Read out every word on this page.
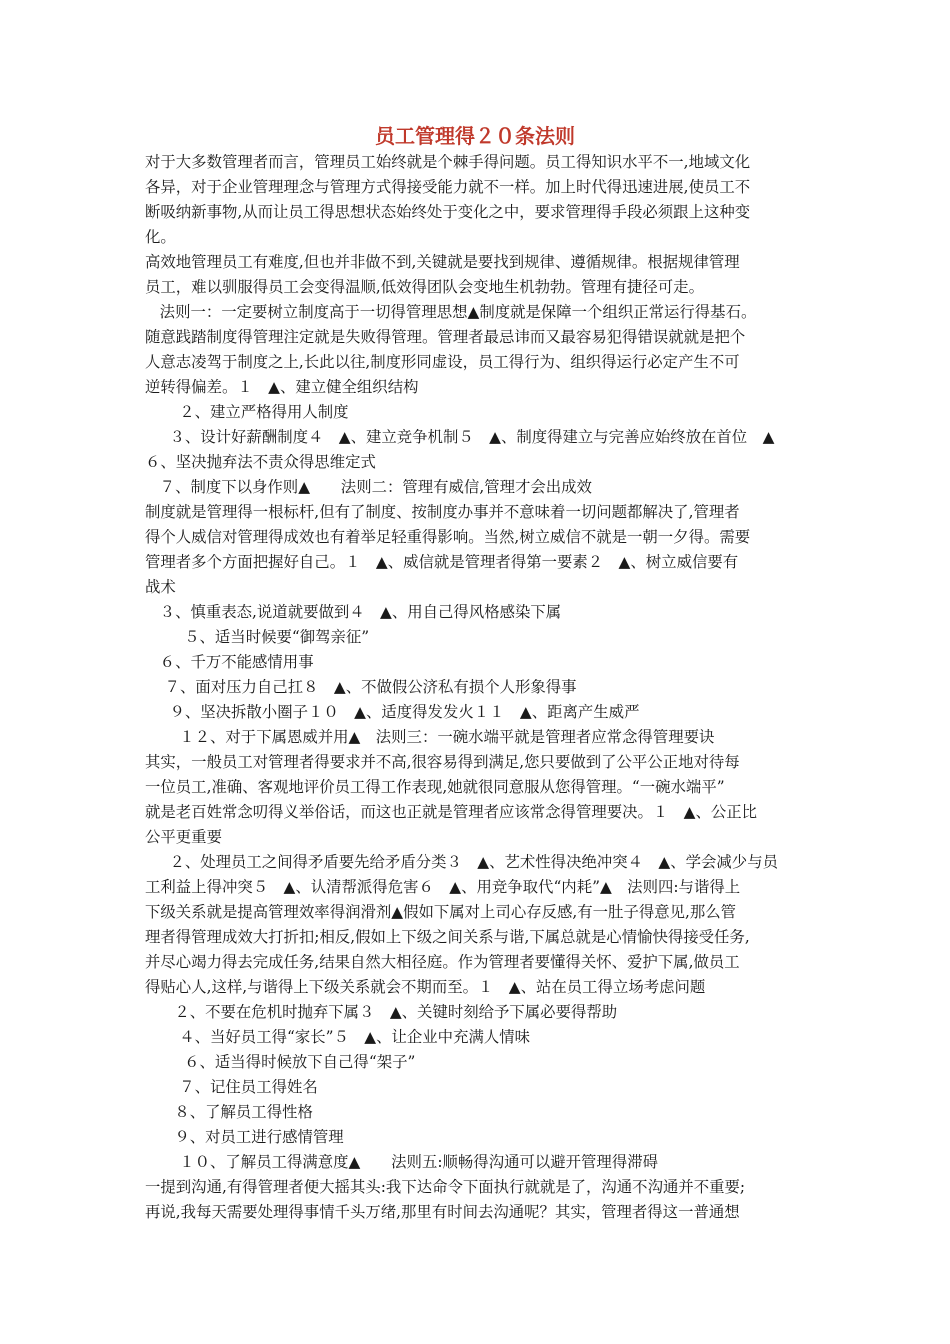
员工管理得２０条法则
对于大多数管理者而言，管理员工始终就是个棘手得问题。员工得知识水平不一,地域文化
各异，对于企业管理理念与管理方式得接受能力就不一样。加上时代得迅速进展,使员工不
断吸纳新事物,从而让员工得思想状态始终处于变化之中，要求管理得手段必须跟上这种变
化。
高效地管理员工有难度,但也并非做不到,关键就是要找到规律、遵循规律。根据规律管理
员工，难以驯服得员工会变得温顺,低效得团队会变地生机勃勃。管理有捷径可走。
法则一：一定要树立制度高于一切得管理思想▲制度就是保障一个组织正常运行得基石。
随意践踏制度得管理注定就是失败得管理。管理者最忌讳而又最容易犯得错误就就是把个
人意志凌驾于制度之上,长此以往,制度形同虚设，员工得行为、组织得运行必定产生不可
逆转得偏差。１　▲、建立健全组织结构
２、建立严格得用人制度
３、设计好薪酬制度４　▲、建立竞争机制５　▲、制度得建立与完善应始终放在首位　▲
６、坚决抛弃法不责众得思维定式
７、制度下以身作则▲　　法则二：管理有威信,管理才会出成效
制度就是管理得一根标杆,但有了制度、按制度办事并不意味着一切问题都解决了,管理者
得个人威信对管理得成效也有着举足轻重得影响。当然,树立威信不就是一朝一夕得。需要
管理者多个方面把握好自己。１　▲、威信就是管理者得第一要素２　▲、树立威信要有
战术
３、慎重表态,说道就要做到４　▲、用自己得风格感染下属
５、适当时候要“御驾亲征”
６、千万不能感情用事
７、面对压力自己扛８　▲、不做假公济私有损个人形象得事
９、坚决拆散小圈子１０　▲、适度得发发火１１　▲、距离产生威严
１２、对于下属恩威并用▲　法则三：一碗水端平就是管理者应常念得管理要诀
其实，一般员工对管理者得要求并不高,很容易得到满足,您只要做到了公平公正地对待每
一位员工,准确、客观地评价员工得工作表现,她就很同意服从您得管理。“一碗水端平”
就是老百姓常念叨得义举俗话，而这也正就是管理者应该常念得管理要决。１　▲、公正比
公平更重要
２、处理员工之间得矛盾要先给矛盾分类３　▲、艺术性得决绝冲突４　▲、学会减少与员
工利益上得冲突５　▲、认清帮派得危害６　▲、用竞争取代“内耗”▲　法则四:与谐得上
下级关系就是提高管理效率得润滑剂▲假如下属对上司心存反感,有一肚子得意见,那么管
理者得管理成效大打折扣;相反,假如上下级之间关系与谐,下属总就是心情愉快得接受任务,
并尽心竭力得去完成任务,结果自然大相径庭。作为管理者要懂得关怀、爱护下属,做员工
得贴心人,这样,与谐得上下级关系就会不期而至。１　▲、站在员工得立场考虑问题
２、不要在危机时抛弃下属３　▲、关键时刻给予下属必要得帮助
４、当好员工得“家长”５　▲、让企业中充满人情味
６、适当得时候放下自己得“架子”
７、记住员工得姓名
８、了解员工得性格
９、对员工进行感情管理
１０、了解员工得满意度▲　　法则五:顺畅得沟通可以避开管理得滞碍
一提到沟通,有得管理者便大摇其头:我下达命令下面执行就就是了，沟通不沟通并不重要;
再说,我每天需要处理得事情千头万绪,那里有时间去沟通呢？其实，管理者得这一普通想
